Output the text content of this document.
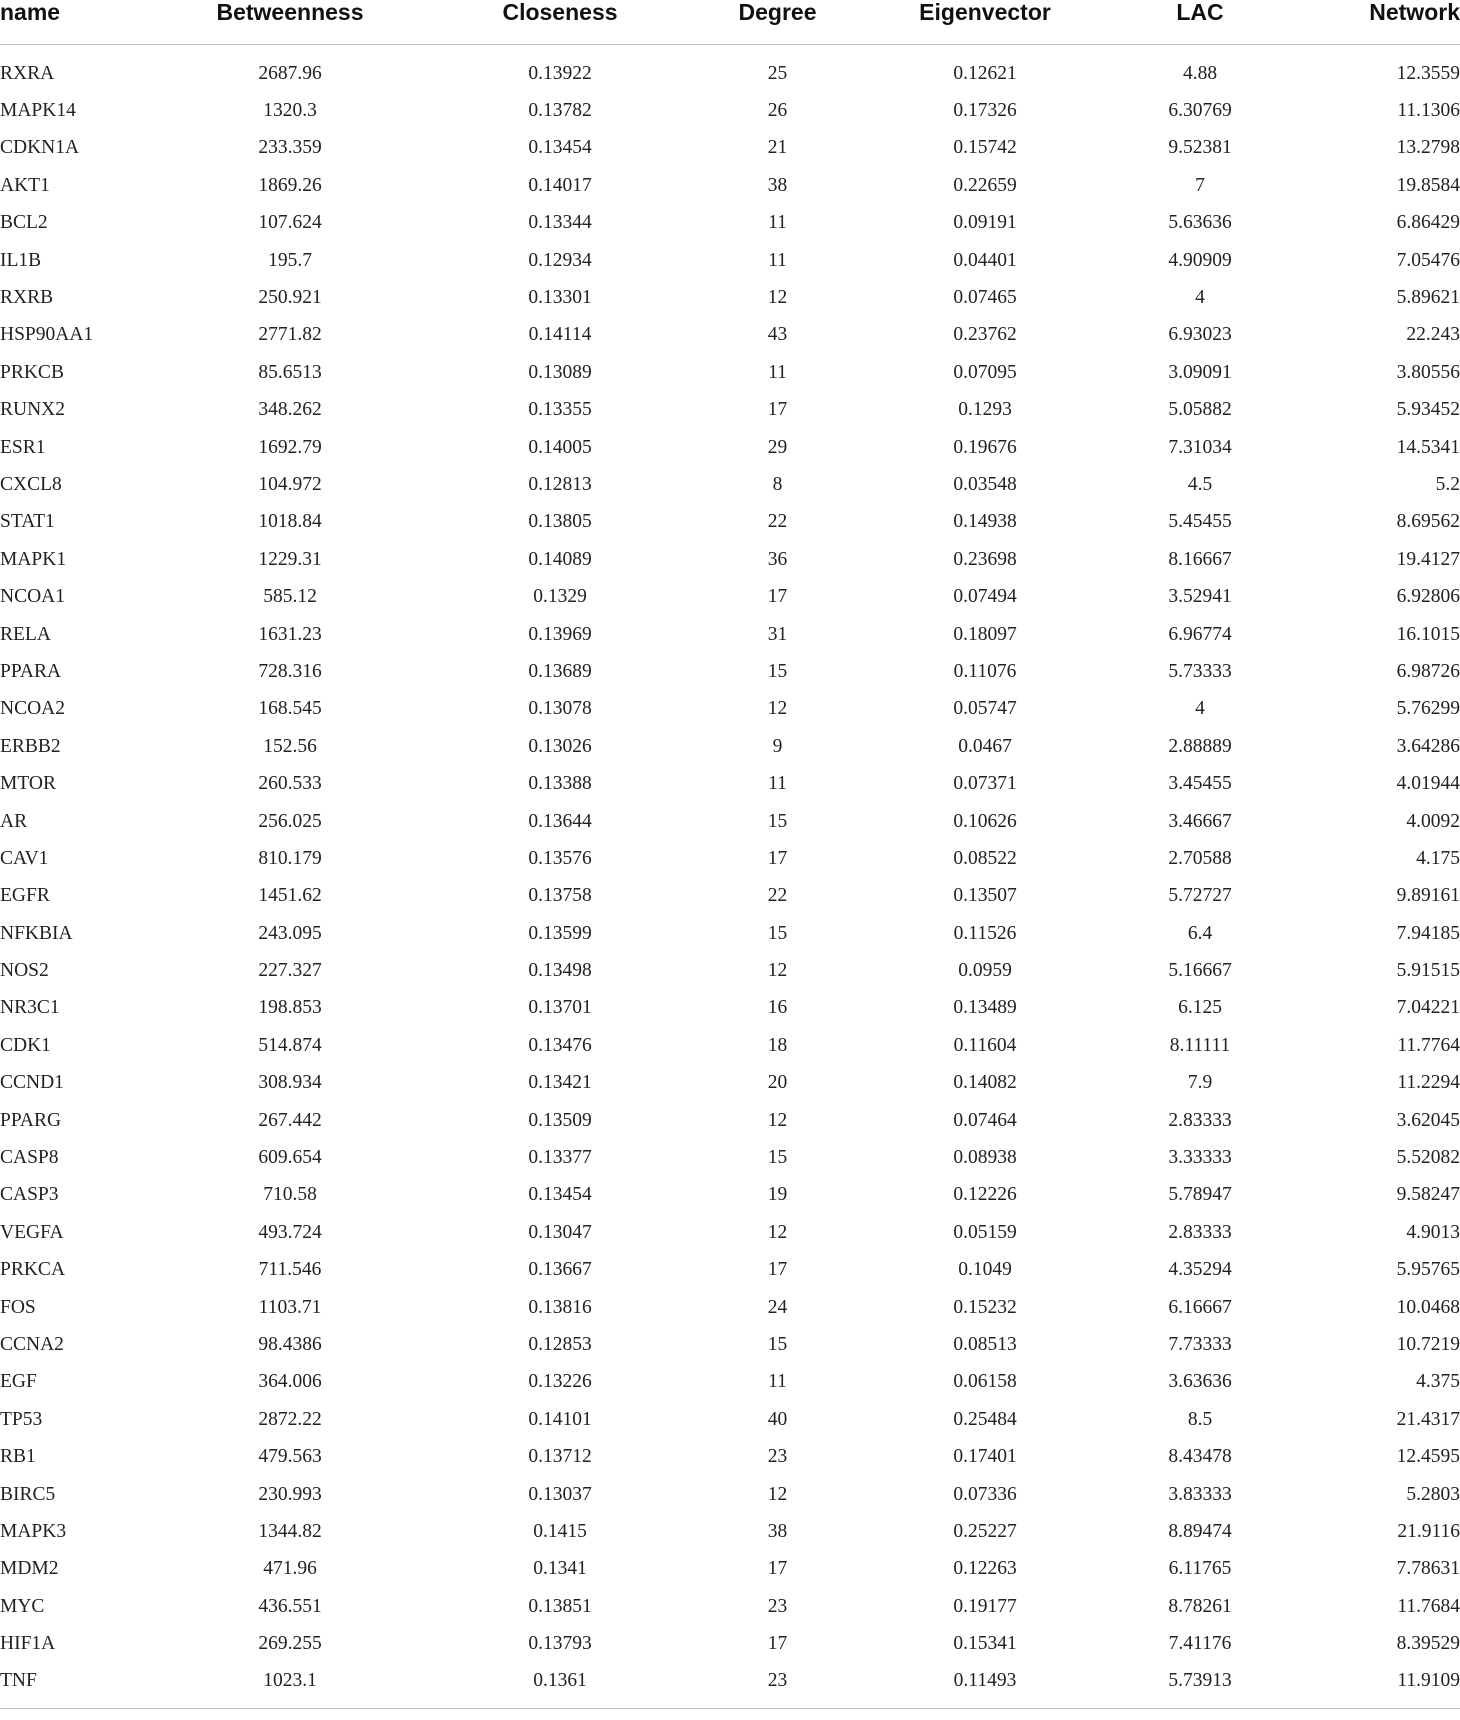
name	Betweenness	Closeness	Degree	Eigenvector	LAC	Network
RXRA	2687.96	0.13922	25	0.12621	4.88	12.3559
MAPK14	1320.3	0.13782	26	0.17326	6.30769	11.1306
CDKN1A	233.359	0.13454	21	0.15742	9.52381	13.2798
AKT1	1869.26	0.14017	38	0.22659	7	19.8584
BCL2	107.624	0.13344	11	0.09191	5.63636	6.86429
IL1B	195.7	0.12934	11	0.04401	4.90909	7.05476
RXRB	250.921	0.13301	12	0.07465	4	5.89621
HSP90AA1	2771.82	0.14114	43	0.23762	6.93023	22.243
PRKCB	85.6513	0.13089	11	0.07095	3.09091	3.80556
RUNX2	348.262	0.13355	17	0.1293	5.05882	5.93452
ESR1	1692.79	0.14005	29	0.19676	7.31034	14.5341
CXCL8	104.972	0.12813	8	0.03548	4.5	5.2
STAT1	1018.84	0.13805	22	0.14938	5.45455	8.69562
MAPK1	1229.31	0.14089	36	0.23698	8.16667	19.4127
NCOA1	585.12	0.1329	17	0.07494	3.52941	6.92806
RELA	1631.23	0.13969	31	0.18097	6.96774	16.1015
PPARA	728.316	0.13689	15	0.11076	5.73333	6.98726
NCOA2	168.545	0.13078	12	0.05747	4	5.76299
ERBB2	152.56	0.13026	9	0.0467	2.88889	3.64286
MTOR	260.533	0.13388	11	0.07371	3.45455	4.01944
AR	256.025	0.13644	15	0.10626	3.46667	4.0092
CAV1	810.179	0.13576	17	0.08522	2.70588	4.175
EGFR	1451.62	0.13758	22	0.13507	5.72727	9.89161
NFKBIA	243.095	0.13599	15	0.11526	6.4	7.94185
NOS2	227.327	0.13498	12	0.0959	5.16667	5.91515
NR3C1	198.853	0.13701	16	0.13489	6.125	7.04221
CDK1	514.874	0.13476	18	0.11604	8.11111	11.7764
CCND1	308.934	0.13421	20	0.14082	7.9	11.2294
PPARG	267.442	0.13509	12	0.07464	2.83333	3.62045
CASP8	609.654	0.13377	15	0.08938	3.33333	5.52082
CASP3	710.58	0.13454	19	0.12226	5.78947	9.58247
VEGFA	493.724	0.13047	12	0.05159	2.83333	4.9013
PRKCA	711.546	0.13667	17	0.1049	4.35294	5.95765
FOS	1103.71	0.13816	24	0.15232	6.16667	10.0468
CCNA2	98.4386	0.12853	15	0.08513	7.73333	10.7219
EGF	364.006	0.13226	11	0.06158	3.63636	4.375
TP53	2872.22	0.14101	40	0.25484	8.5	21.4317
RB1	479.563	0.13712	23	0.17401	8.43478	12.4595
BIRC5	230.993	0.13037	12	0.07336	3.83333	5.2803
MAPK3	1344.82	0.1415	38	0.25227	8.89474	21.9116
MDM2	471.96	0.1341	17	0.12263	6.11765	7.78631
MYC	436.551	0.13851	23	0.19177	8.78261	11.7684
HIF1A	269.255	0.13793	17	0.15341	7.41176	8.39529
TNF	1023.1	0.1361	23	0.11493	5.73913	11.9109
